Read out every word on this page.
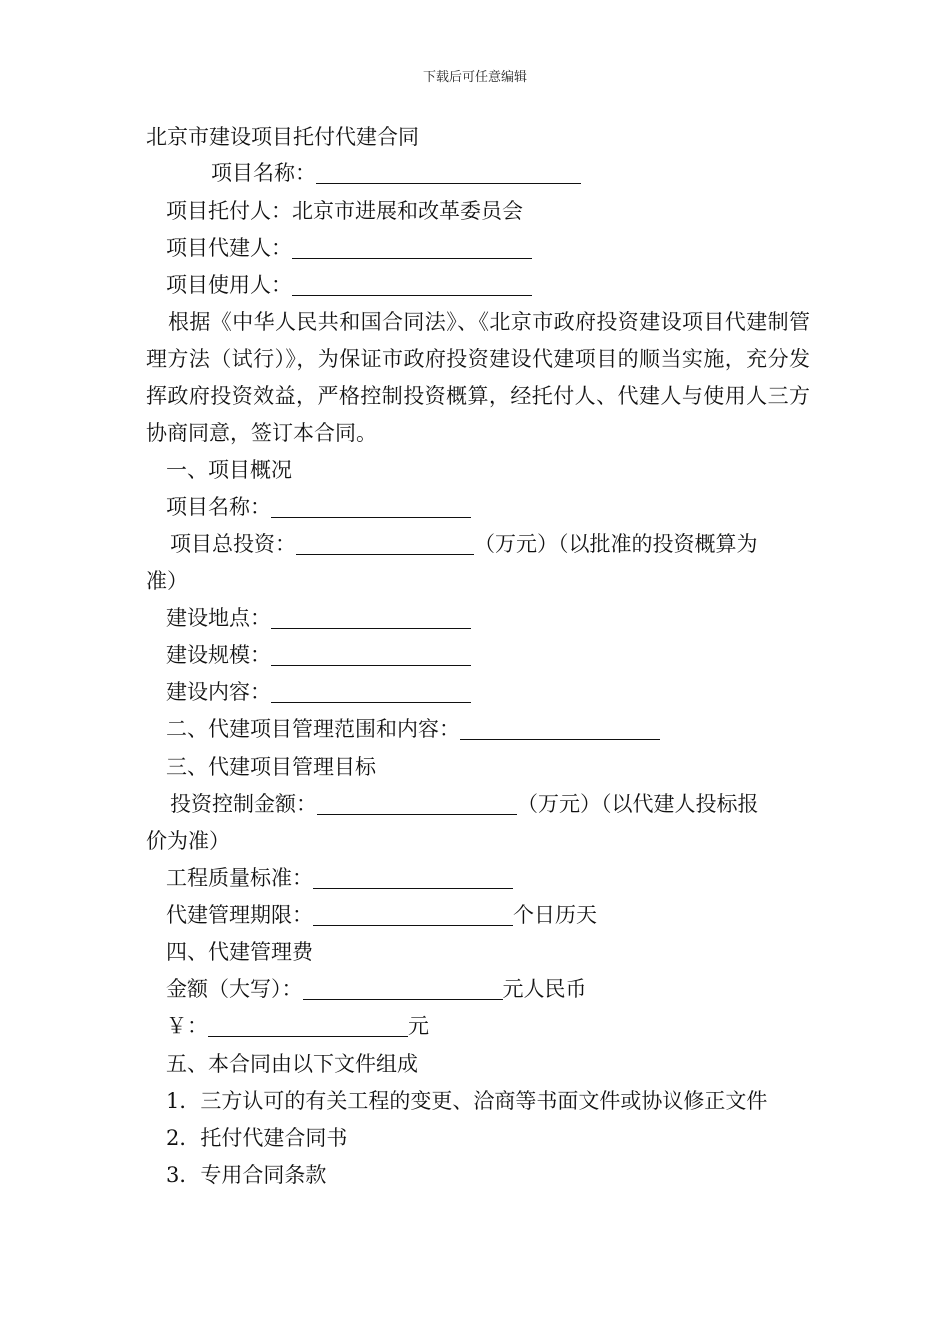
下载后可任意编辑
北京市建设项目托付代建合同
项目名称：
项目托付人：北京市进展和改革委员会
项目代建人：
项目使用人：
根据《中华人民共和国合同法》、《北京市政府投资建设项目代建制管理方法（试行）》，为保证市政府投资建设代建项目的顺当实施，充分发挥政府投资效益，严格控制投资概算，经托付人、代建人与使用人三方协商同意，签订本合同。
一、项目概况
项目名称：
项目总投资：	（万元）（以批准的投资概算为
准）
建设地点：
建设规模：
建设内容：
二、代建项目管理范围和内容：
三、代建项目管理目标
投资控制金额：	（万元）（以代建人投标报
价为准）
工程质量标准：
代建管理期限：	个日历天
四、代建管理费
金额（大写）：	元人民币
￥：	元
五、本合同由以下文件组成
1．三方认可的有关工程的变更、洽商等书面文件或协议修正文件
2．托付代建合同书
3．专用合同条款
